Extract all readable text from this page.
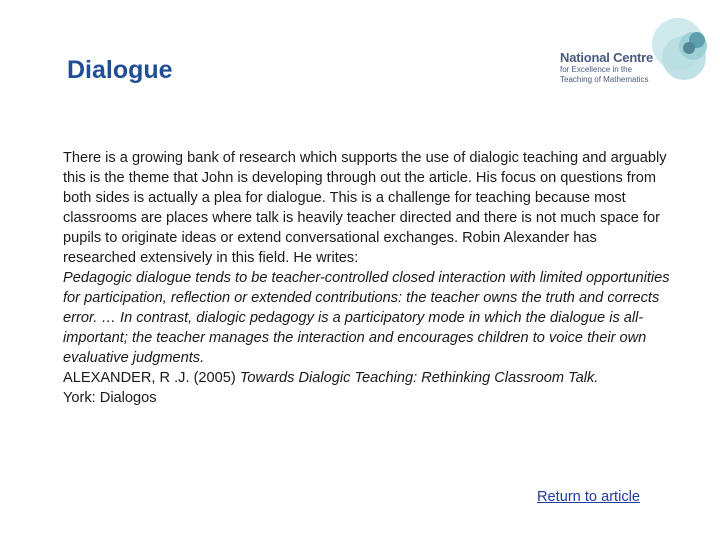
Dialogue	National Centre
for Excellence in the
Teaching of Mathematics

There is a growing bank of research which supports the use of dialogic teaching and arguably this is the theme that John is developing through out the article. His focus on questions from both sides is actually a plea for dialogue. This is a challenge for teaching because most classrooms are places where talk is heavily teacher directed and there is not much space for pupils to originate ideas or extend conversational exchanges. Robin Alexander has researched extensively in this field. He writes:

Pedagogic dialogue tends to be teacher-controlled closed interaction with limited opportunities for participation, reflection or extended contributions: the teacher owns the truth and corrects error. … In contrast, dialogic pedagogy is a participatory mode in which the dialogue is all-important; the teacher manages the interaction and encourages children to voice their own evaluative judgments.

ALEXANDER, R .J. (2005) Towards Dialogic Teaching: Rethinking Classroom Talk.
York: Dialogos

Return to article
